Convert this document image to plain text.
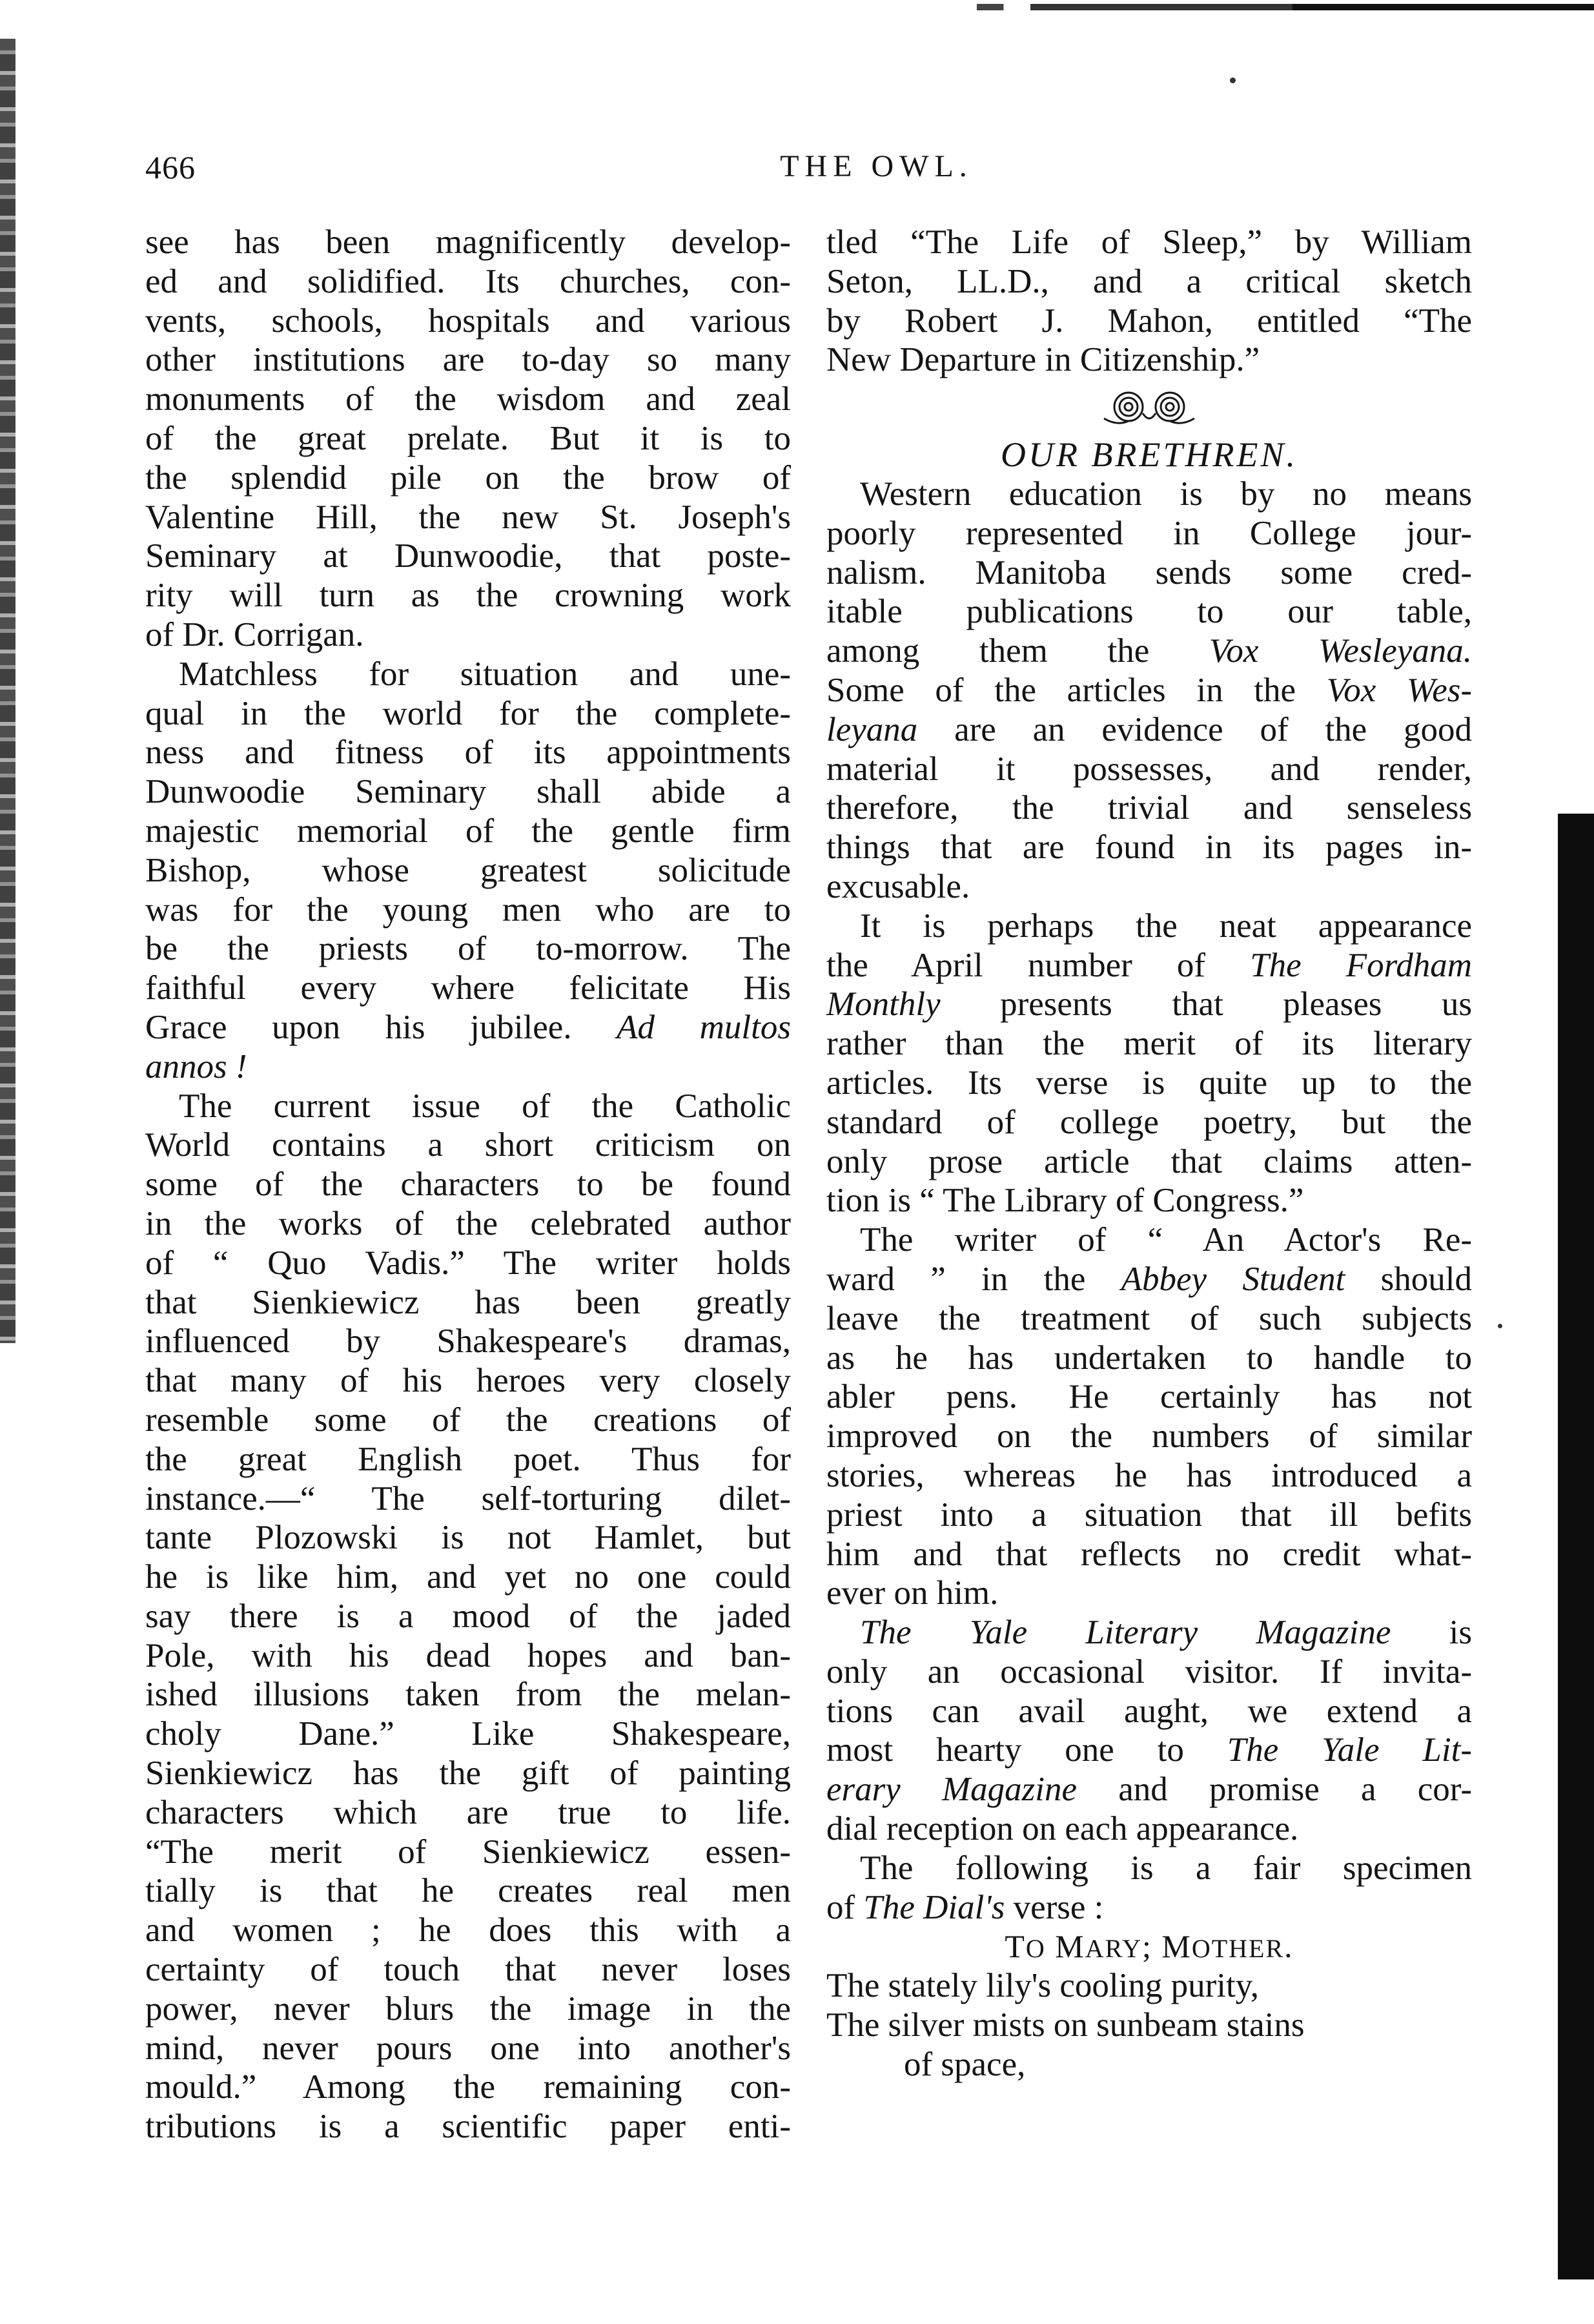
466	THE OWL.
see has been magnificently develop-
ed and solidified. Its churches, con-
vents, schools, hospitals and various
other institutions are to-day so many
monuments of the wisdom and zeal
of the great prelate. But it is to
the splendid pile on the brow of
Valentine Hill, the new St. Joseph's
Seminary at Dunwoodie, that poste-
rity will turn as the crowning work
of Dr. Corrigan.
Matchless for situation and une-
qual in the world for the complete-
ness and fitness of its appointments
Dunwoodie Seminary shall abide a
majestic memorial of the gentle firm
Bishop, whose greatest solicitude
was for the young men who are to
be the priests of to-morrow. The
faithful every where felicitate His
Grace upon his jubilee. Ad multos
annos !
The current issue of the Catholic
World contains a short criticism on
some of the characters to be found
in the works of the celebrated author
of “ Quo Vadis.” The writer holds
that Sienkiewicz has been greatly
influenced by Shakespeare's dramas,
that many of his heroes very closely
resemble some of the creations of
the great English poet. Thus for
instance.—“ The self-torturing dilet-
tante Plozowski is not Hamlet, but
he is like him, and yet no one could
say there is a mood of the jaded
Pole, with his dead hopes and ban-
ished illusions taken from the melan-
choly Dane.” Like Shakespeare,
Sienkiewicz has the gift of painting
characters which are true to life.
“The merit of Sienkiewicz essen-
tially is that he creates real men
and women ; he does this with a
certainty of touch that never loses
power, never blurs the image in the
mind, never pours one into another's
mould.” Among the remaining con-
tributions is a scientific paper enti-
tled “The Life of Sleep,” by William
Seton, LL.D., and a critical sketch
by Robert J. Mahon, entitled “The
New Departure in Citizenship.”
OUR BRETHREN.
Western education is by no means
poorly represented in College jour-
nalism. Manitoba sends some cred-
itable publications to our table,
among them the Vox Wesleyana.
Some of the articles in the Vox Wes-
leyana are an evidence of the good
material it possesses, and render,
therefore, the trivial and senseless
things that are found in its pages in-
excusable.
It is perhaps the neat appearance
the April number of The Fordham
Monthly presents that pleases us
rather than the merit of its literary
articles. Its verse is quite up to the
standard of college poetry, but the
only prose article that claims atten-
tion is “ The Library of Congress.”
The writer of “ An Actor's Re-
ward ” in the Abbey Student should
leave the treatment of such subjects
as he has undertaken to handle to
abler pens. He certainly has not
improved on the numbers of similar
stories, whereas he has introduced a
priest into a situation that ill befits
him and that reflects no credit what-
ever on him.
The Yale Literary Magazine is
only an occasional visitor. If invita-
tions can avail aught, we extend a
most hearty one to The Yale Lit-
erary Magazine and promise a cor-
dial reception on each appearance.
The following is a fair specimen
of The Dial's verse :
TO MARY; MOTHER.
The stately lily's cooling purity,
The silver mists on sunbeam stains
of space,
